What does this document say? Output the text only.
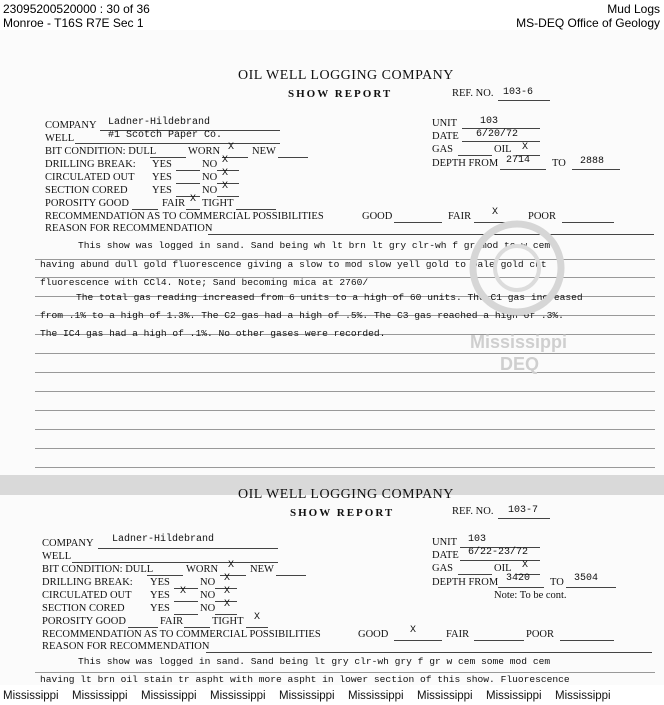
23095200520000 : 30 of 36
Monroe - T16S R7E Sec 1
Mud Logs
MS-DEQ Office of Geology
OIL WELL LOGGING COMPANY
SHOW REPORT	REF. NO. 103-6
COMPANY Ladner-Hildebrand	UNIT 103
WELL	#1 Scotch Paper Co.	DATE 6/20/72
BIT CONDITION: DULL	WORN X NEW	GAS	OIL X
DRILLING BREAK: YES	NO X	DEPTH FROM 2714 TO 2888
CIRCULATED OUT YES	NO X
SECTION CORED YES	NO X
POROSITY GOOD	FAIR X TIGHT
RECOMMENDATION AS TO COMMERCIAL POSSIBILITIES	GOOD	FAIR X	POOR
REASON FOR RECOMMENDATION
This show was logged in sand. Sand being wh lt brn lt gry clr-wh f gr mod to w cem
having abund dull gold fluorescence giving a slow to mod slow yell gold to pale gold cut
fluorescence with CCl4. Note; Sand becoming mica at 2760/
The total gas reading increased from 6 units to a high of 60 units. The C1 gas increased
from .1% to a high of 1.3%. The C2 gas had a high of .5%. The C3 gas reached a high of .3%.
The IC4 gas had a high of .1%. No other gases were recorded.	Mississippi
DEQ
OIL WELL LOGGING COMPANY
SHOW REPORT	REF. NO. 103-7
COMPANY Ladner-Hildebrand	UNIT 103
WELL	DATE 6/22-23/72
BIT CONDITION: DULL	WORN X NEW	GAS	OIL X
DRILLING BREAK: YES	NO X	DEPTH FROM 3420 TO 3504
Note: To be cont.
CIRCULATED OUT YES X NO X
SECTION CORED YES	NO X
POROSITY GOOD	FAIR	TIGHT X
RECOMMENDATION AS TO COMMERCIAL POSSIBILITIES	GOOD X	FAIR	POOR
REASON FOR RECOMMENDATION
This show was logged in sand. Sand being lt gry clr-wh gry f gr w cem some mod cem
having lt brn oil stain tr aspht with more aspht in lower section of this show. Fluorescence
Mississippi Mississippi Mississippi Mississippi Mississippi Mississippi Mississippi Mississippi Mississippi
